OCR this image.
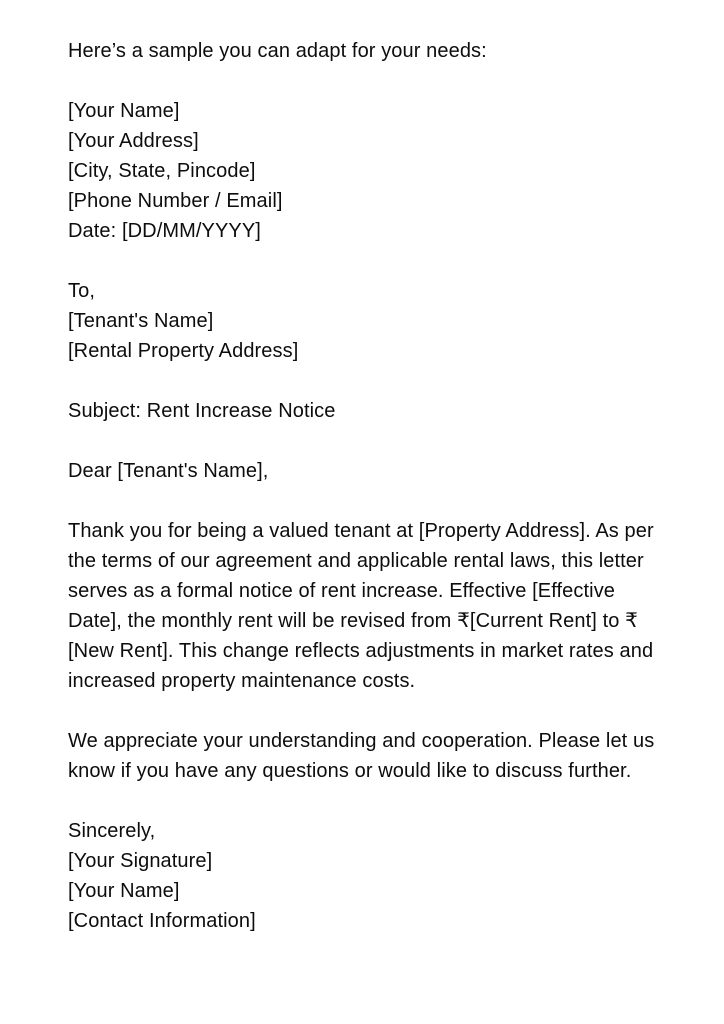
Here’s a sample you can adapt for your needs:
[Your Name]
[Your Address]
[City, State, Pincode]
[Phone Number / Email]
Date: [DD/MM/YYYY]
To,
[Tenant's Name]
[Rental Property Address]
Subject: Rent Increase Notice
Dear [Tenant's Name],
Thank you for being a valued tenant at [Property Address]. As per the terms of our agreement and applicable rental laws, this letter serves as a formal notice of rent increase. Effective [Effective Date], the monthly rent will be revised from ₹[Current Rent] to ₹[New Rent]. This change reflects adjustments in market rates and increased property maintenance costs.
We appreciate your understanding and cooperation. Please let us know if you have any questions or would like to discuss further.
Sincerely,
[Your Signature]
[Your Name]
[Contact Information]
